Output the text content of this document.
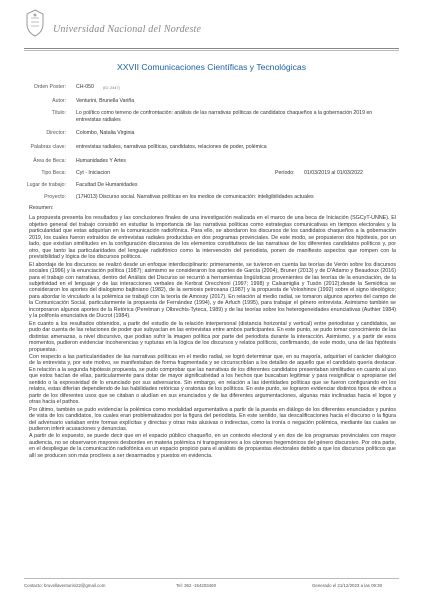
Universidad Nacional del Nordeste
XXVII Comunicaciones Científicas y Tecnológicas
Orden Poster: CH-050 (ID: 2447)
Autor: Venturini, Brunella Variña
Título: Lo político como terreno de confrontación: análisis de las narrativas políticas de candidatos chaqueños a la gobernación 2019 en entrevistas radiales
Director: Colombo, Natalia Virginia
Palabras clave: entrevistas radiales, narrativas políticas, candidatos, relaciones de poder, polémica
Área de Beca: Humanidades Y Artes
Tipo Beca: Cyt - Iniciacion	Período: 01/03/2019 al 01/03/2022
Lugar de trabajo: Facultad De Humanidades
Proyecto: (17H013) Discurso social. Narrativas políticas en los medios de comunicación: inteligibilidades actuales

Resumen:

La propuesta presenta los resultados y las conclusiones finales de una investigación realizada en el marco de una beca de Iniciación (SGCyT-UNNE). El objetivo general del trabajo consistió en estudiar la importancia de las narrativas políticas como estrategias comunicativas en tiempos electorales y la particularidad que estas adquirían en la comunicación radiofónica. Para ello, se abordaron los discursos de los candidatos chaqueños a la gobernación 2019, los cuales fueron extraídos de entrevistas radiales producidas en dos programas provinciales. De este modo, se propusieron dos hipótesis, por un lado, que existían similitudes en la configuración discursiva de los elementos constitutivos de las narrativas de los diferentes candidatos políticos y, por otro, que tanto las particularidades del lenguaje radiofónico como la intervención del periodista, ponen de manifiesto aspectos que rompen con la previsibilidad y lógica de los discursos políticos.

El abordaje de los discursos se realizó desde un enfoque interdisciplinario: primeramente, se tuvieron en cuenta las teorías de Verón sobre los discursos sociales (1996) y la enunciación política (1987); asimismo se consideraron los aportes de García (2004), Bruner (2013) y de D'Adamo y Beaudoux (2016) para el trabajo con narrativas, dentro del Análisis del Discurso se recurrió a herramientas lingüísticas provenientes de las teorías de la enunciación, de la subjetividad en el lenguaje y de las interacciones verbales de Kerbrat Orecchioni (1997; 1998) y Calsamiglia y Tusón (2012);desde la Semiótica se consideraron los aportes del dialogismo bajtiniano (1982), de la semiosis peirceana (1987) y la propuesta de Voloshinov (1992) sobre el signo ideológico; para abordar lo vinculado a la polémica se trabajó con la teoría de Amossy (2017). En relación al medio radial, se tomaron algunos aportes del campo de la Comunicación Social, particularmente la propuesta de Fernández (1994), y de Arfuch (1995), para trabajar el género entrevista. Asimismo también se incorporaron algunos aportes de la Retórica (Perelman y Olbrechts-Tyteca, 1989) y de las teorías sobre los heterogeneidades enunciativas (Authier 1984) y la polifonía enunciativa de Ducrot (1984).

En cuanto a los resultados obtenidos, a partir del estudio de la relación interpersonal (distancia horizontal y vertical) entre periodistas y candidatos, se pudo dar cuenta de las relaciones de poder que subyacían en las entrevistas entre ambos participantes. En este punto, se pudo tomar conocimiento de las distintas amenazas, a nivel discursivo, que podían sufrir la imagen política por parte del periodista durante la interacción. Asimismo, y a partir de esos momentos, pudieron evidenciar incoherencias y rupturas en la lógica de los discursos y relatos políticos, confirmando, de este modo, una de las hipótesis propuestas.

Con respecto a las particularidades de las narrativas políticas en el medio radial, se logró determinar que, en su mayoría, adquirían el carácter dialógico de la entrevista y, por este motivo, se manifestaban de forma fragmentada y se circunscribían a los detalles de aquello que el candidato quería destacar. En relación a la segunda hipótesis propuesta, se pudo comprobar que las narrativas de los diferentes candidatos presentaban similitudes en cuanto al uso que estos hacían de ellas, particularmente para dotar de mayor significatividad a los hechos que buscaban legitimar y para resignificar o apropiarse del sentido o la expresividad de lo enunciado por sus adversarios. Sin embargo, en relación a las identidades políticas que se fueron configurando en los relatos, estas diferían dependiendo de las habilidades retóricas y oratorias de los políticos. En este punto, se lograron evidenciar distintos tipos de ethos a partir de los diferentes usos que se citaban o aludían en sus enunciados y de las diferentes argumentaciones, algunas más inclinadas hacia el logos y otras hacia el pathos.

Por último, también se pudo evidenciar la polémica como modalidad argumentativa a partir de la puesta en diálogo de los diferentes enunciados y puntos de vista de los candidatos, los cuales eran problematizados por la figura del periodista. En este sentido, las descalificaciones hacia el discurso o la figura del adversario variaban entre formas explícitas y directas y otras más alusivas o indirectas, como la ironía o negación polémica, mediante las cuales se pudieron inferir acusaciones y denuncias.

A partir de lo expuesto, se puede decir que en el espacio público chaqueño, en un contexto electoral y en dos de los programas provinciales con mayor audiencia, no se observaron mayores desbordes en materia polémica ni transgresiones a los cánones hegemónicos del género discursivo. Por otra parte, en el despliegue de la comunicación radiofónica es un espacio propicio para el análisis de propuestas electorales debido a que los discursos políticos que allí se producen son más proclives a ser desarmados y puestos en evidencia.

Contacto: bruvellaventurini22@gmail.com	Tel: 362 -154203460	Generado el 21/12/2023 a las 09:30
